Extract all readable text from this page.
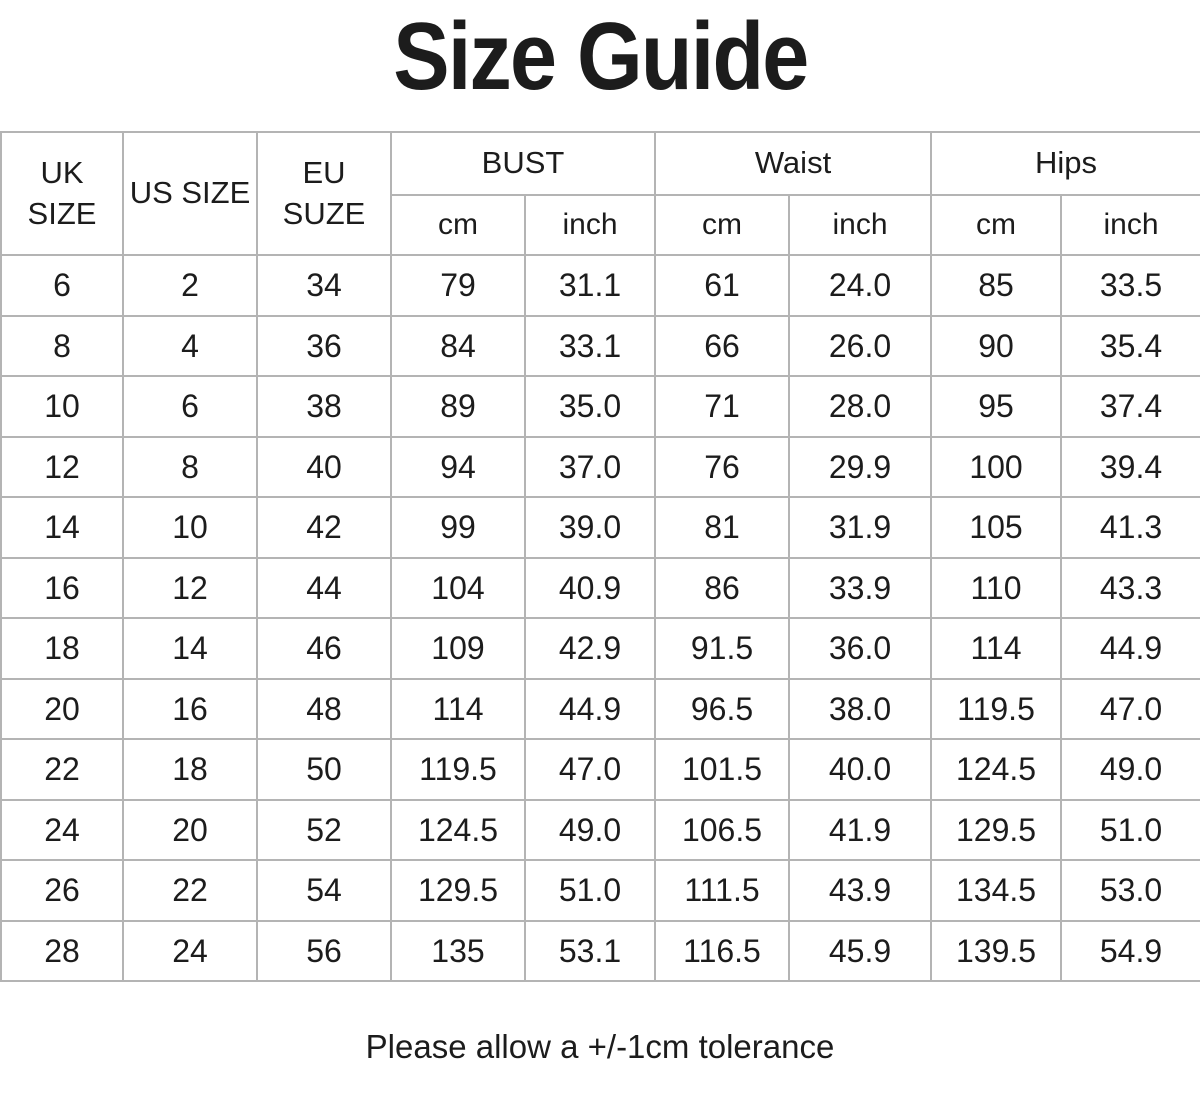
Size Guide
UK SIZE	US SIZE	EU SUZE	BUST		Waist		Hips	
			cm	inch	cm	inch	cm	inch
6	2	34	79	31.1	61	24.0	85	33.5
8	4	36	84	33.1	66	26.0	90	35.4
10	6	38	89	35.0	71	28.0	95	37.4
12	8	40	94	37.0	76	29.9	100	39.4
14	10	42	99	39.0	81	31.9	105	41.3
16	12	44	104	40.9	86	33.9	110	43.3
18	14	46	109	42.9	91.5	36.0	114	44.9
20	16	48	114	44.9	96.5	38.0	119.5	47.0
22	18	50	119.5	47.0	101.5	40.0	124.5	49.0
24	20	52	124.5	49.0	106.5	41.9	129.5	51.0
26	22	54	129.5	51.0	111.5	43.9	134.5	53.0
28	24	56	135	53.1	116.5	45.9	139.5	54.9
Please allow a +/-1cm tolerance
